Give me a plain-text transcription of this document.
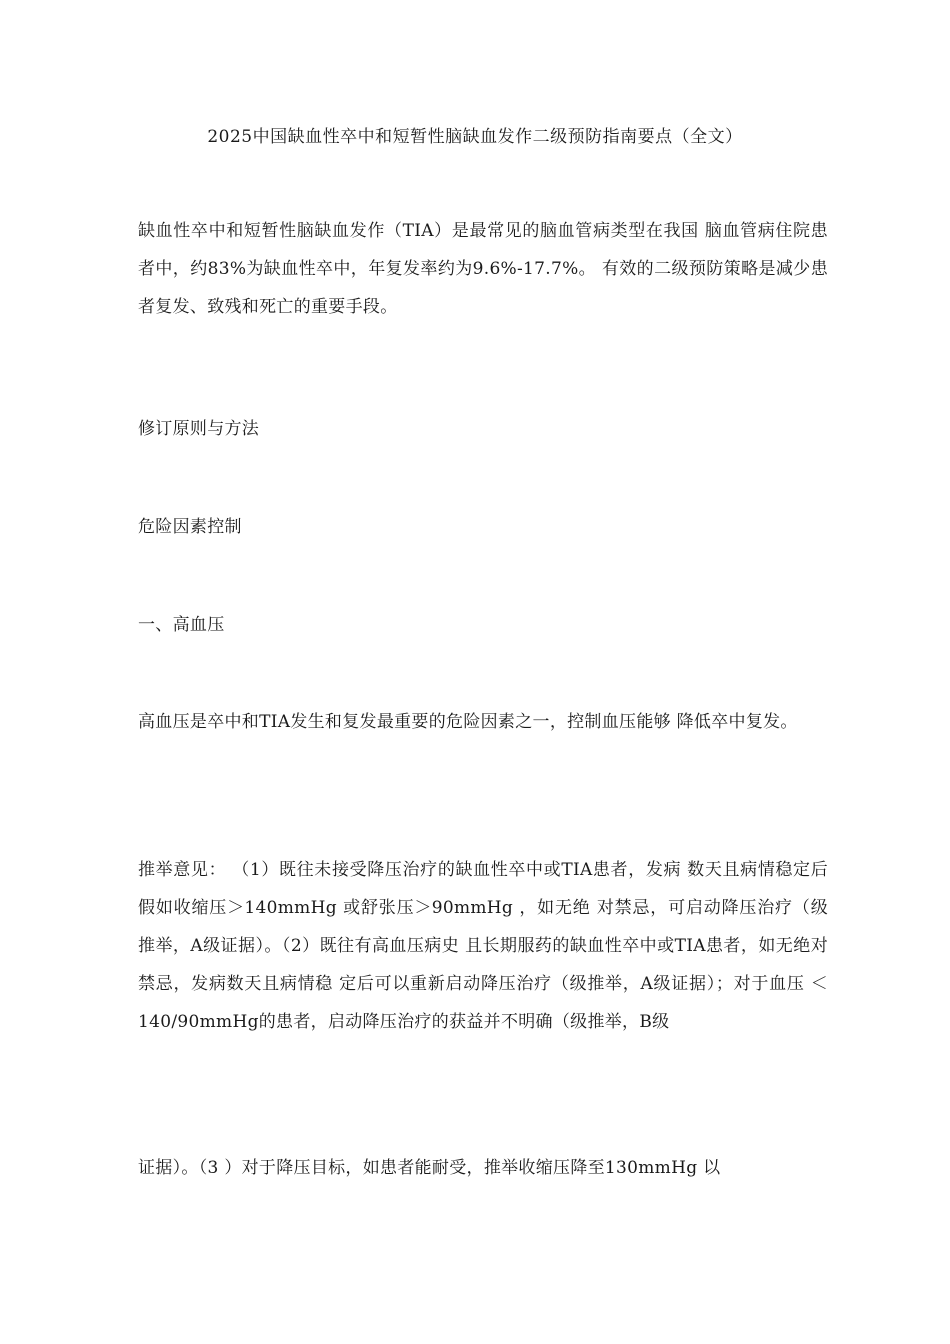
2025中国缺血性卒中和短暂性脑缺血发作二级预防指南要点（全文）
缺血性卒中和短暂性脑缺血发作（TIA）是最常见的脑血管病类型在我国 脑血管病住院患者中，约83%为缺血性卒中，年复发率约为9.6%-17.7%。 有效的二级预防策略是减少患者复发、致残和死亡的重要手段。
修订原则与方法
危险因素控制
一、高血压
高血压是卒中和TIA发生和复发最重要的危险因素之一，控制血压能够 降低卒中复发。
推举意见： （1）既往未接受降压治疗的缺血性卒中或TIA患者，发病 数天且病情稳定后假如收缩压＞140mmHg 或舒张压＞90mmHg ，如无绝 对禁忌，可启动降压治疗（级推举，A级证据）。（2）既往有高血压病史 且长期服药的缺血性卒中或TIA患者，如无绝对禁忌，发病数天且病情稳 定后可以重新启动降压治疗（级推举，A级证据）；对于血压 ＜140/90mmHg的患者，启动降压治疗的获益并不明确（级推举，B级
证据）。（3 ）对于降压目标，如患者能耐受，推举收缩压降至130mmHg 以
